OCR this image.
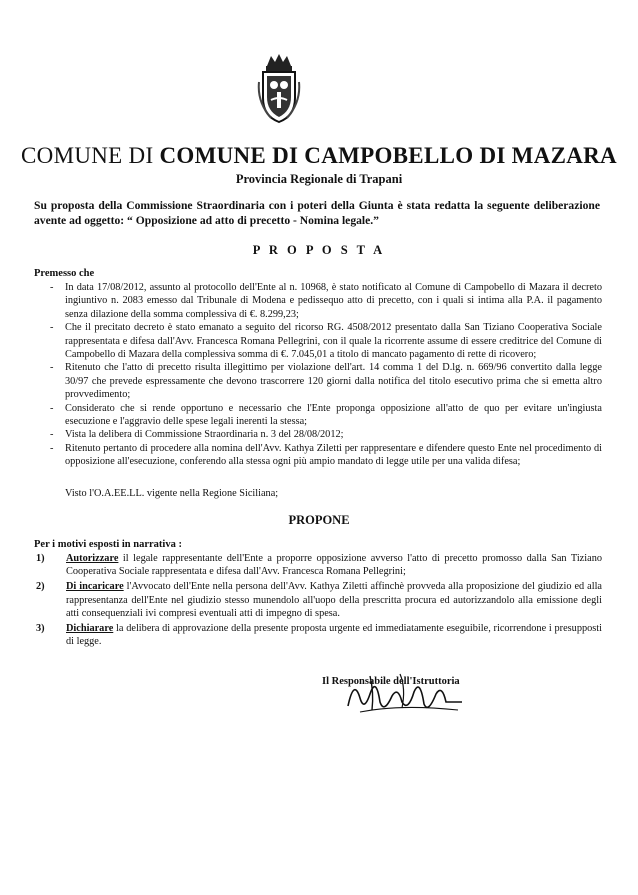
COMUNE DI COMUNE DI CAMPOBELLO DI MAZARA
Provincia Regionale di Trapani
Su proposta della Commissione Straordinaria con i poteri della Giunta è stata redatta la seguente deliberazione avente ad oggetto: “ Opposizione ad atto di precetto - Nomina legale.”
P R O P O S T A
Premesso che
- In data 17/08/2012, assunto al protocollo dell'Ente al n. 10968, è stato notificato al Comune di Campobello di Mazara il decreto ingiuntivo n. 2083 emesso dal Tribunale di Modena e pedissequo atto di precetto, con i quali si intima alla P.A. il pagamento senza dilazione della somma complessiva di €. 8.299,23;
- Che il precitato decreto è stato emanato a seguito del ricorso RG. 4508/2012 presentato dalla San Tiziano Cooperativa Sociale rappresentata e difesa dall'Avv. Francesca Romana Pellegrini, con il quale la ricorrente assume di essere creditrice del Comune di Campobello di Mazara della complessiva somma di €. 7.045,01 a titolo di mancato pagamento di rette di ricovero;
- Ritenuto che l'atto di precetto risulta illegittimo per violazione dell'art. 14 comma 1 del D.lg. n. 669/96 convertito dalla legge 30/97 che prevede espressamente che devono trascorrere 120 giorni dalla notifica del titolo esecutivo prima che si emetta altro provvedimento;
- Considerato che si rende opportuno e necessario che l'Ente proponga opposizione all'atto de quo per evitare un'ingiusta esecuzione e l'aggravio delle spese legali inerenti la stessa;
- Vista la delibera di Commissione Straordinaria n. 3 del 28/08/2012;
- Ritenuto pertanto di procedere alla nomina dell'Avv. Kathya Ziletti per rappresentare e difendere questo Ente nel procedimento di opposizione all'esecuzione, conferendo alla stessa ogni più ampio mandato di legge utile per una valida difesa;
Visto l'O.A.EE.LL. vigente nella Regione Siciliana;
PROPONE
Per i motivi esposti in narrativa :
1) Autorizzare il legale rappresentante dell'Ente a proporre opposizione avverso l'atto di precetto promosso dalla San Tiziano Cooperativa Sociale rappresentata e difesa dall'Avv. Francesca Romana Pellegrini;
2) Di incaricare l'Avvocato dell'Ente nella persona dell'Avv. Kathya Ziletti affinchè provveda alla proposizione del giudizio ed alla rappresentanza dell'Ente nel giudizio stesso munendolo all'uopo della prescritta procura ed autorizzandolo alla emissione degli atti consequenziali ivi compresi eventuali atti di impegno di spesa.
3) Dichiarare la delibera di approvazione della presente proposta urgente ed immediatamente eseguibile, ricorrendone i presupposti di legge.
Il Responsabile dell'Istruttoria
